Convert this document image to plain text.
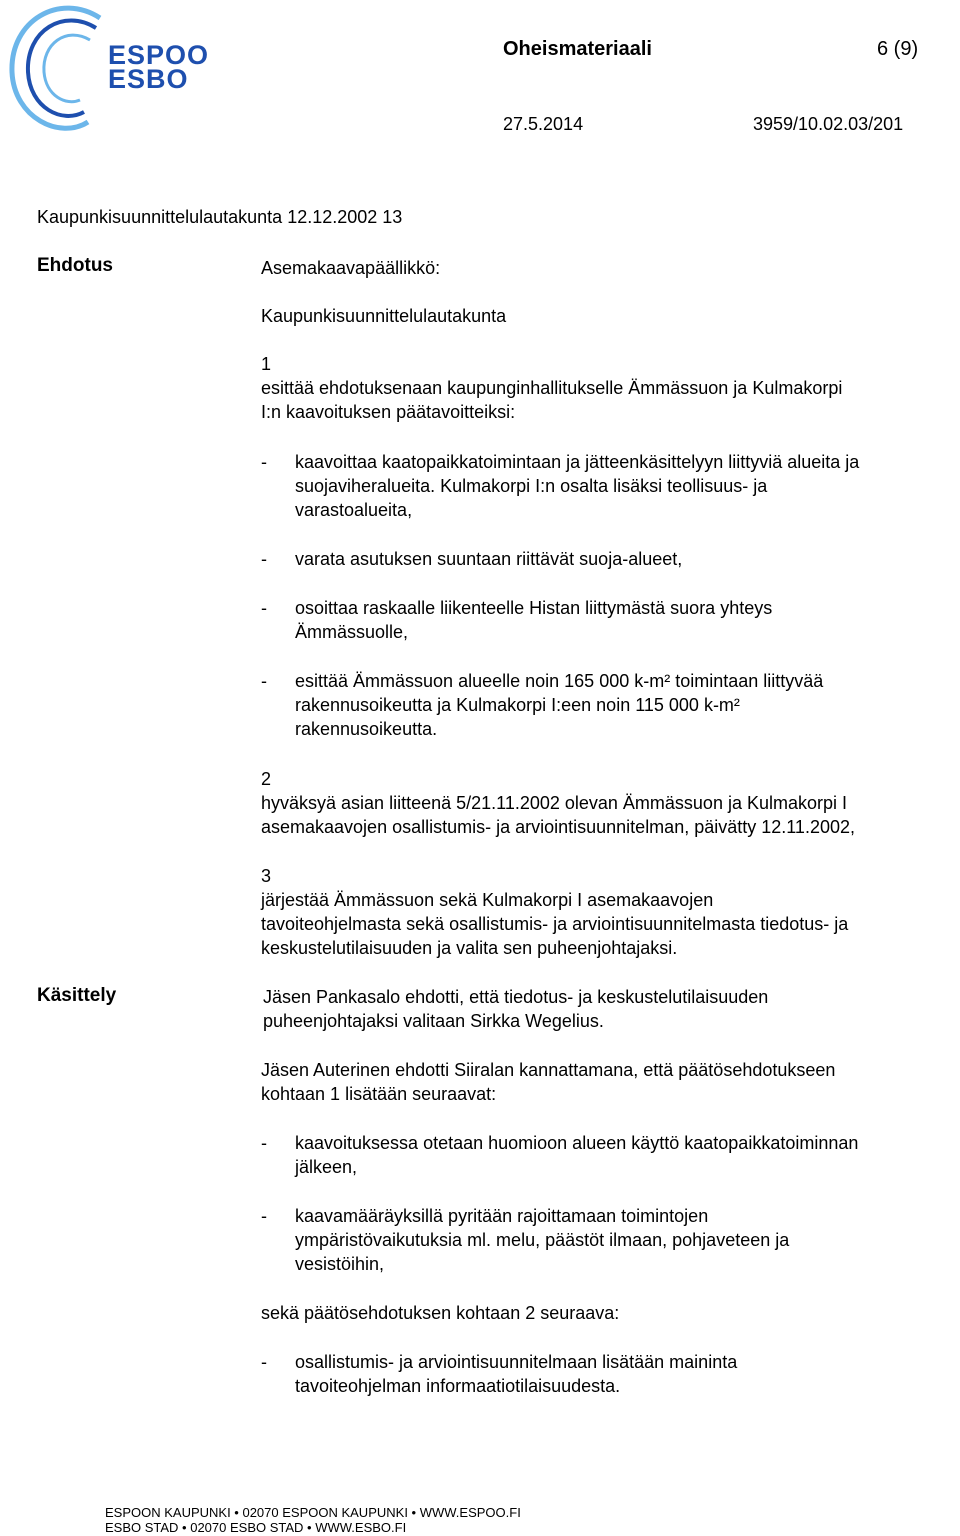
ESPOO
ESBO
Oheismateriaali	6 (9)
27.5.2014	3959/10.02.03/201
Kaupunkisuunnittelulautakunta 12.12.2002 13
Ehdotus	Asemakaavapäällikkö:
Kaupunkisuunnittelulautakunta
1
esittää ehdotuksenaan kaupunginhallitukselle Ämmässuon ja Kulmakorpi
I:n kaavoituksen päätavoitteiksi:
- kaavoittaa kaatopaikkatoimintaan ja jätteenkäsittelyyn liittyviä alueita ja
suojaviheralueita. Kulmakorpi I:n osalta lisäksi teollisuus- ja
varastoalueita,
- varata asutuksen suuntaan riittävät suoja-alueet,
- osoittaa raskaalle liikenteelle Histan liittymästä suora yhteys
Ämmässuolle,
- esittää Ämmässuon alueelle noin 165 000 k-m² toimintaan liittyvää
rakennusoikeutta ja Kulmakorpi I:een noin 115 000 k-m²
rakennusoikeutta.
2
hyväksyä asian liitteenä 5/21.11.2002 olevan Ämmässuon ja Kulmakorpi I
asemakaavojen osallistumis- ja arviointisuunnitelman, päivätty 12.11.2002,
3
järjestää Ämmässuon sekä Kulmakorpi I asemakaavojen
tavoiteohjelmasta sekä osallistumis- ja arviointisuunnitelmasta tiedotus- ja
keskustelutilaisuuden ja valita sen puheenjohtajaksi.
Käsittely	Jäsen Pankasalo ehdotti, että tiedotus- ja keskustelutilaisuuden
puheenjohtajaksi valitaan Sirkka Wegelius.
Jäsen Auterinen ehdotti Siiralan kannattamana, että päätösehdotukseen
kohtaan 1 lisätään seuraavat:
- kaavoituksessa otetaan huomioon alueen käyttö kaatopaikkatoiminnan
jälkeen,
- kaavamääräyksillä pyritään rajoittamaan toimintojen
ympäristövaikutuksia ml. melu, päästöt ilmaan, pohjaveteen ja
vesistöihin,
sekä päätösehdotuksen kohtaan 2 seuraava:
- osallistumis- ja arviointisuunnitelmaan lisätään maininta
tavoiteohjelman informaatiotilaisuudesta.
ESPOON KAUPUNKI • 02070 ESPOON KAUPUNKI • WWW.ESPOO.FI
ESBO STAD • 02070 ESBO STAD • WWW.ESBO.FI
